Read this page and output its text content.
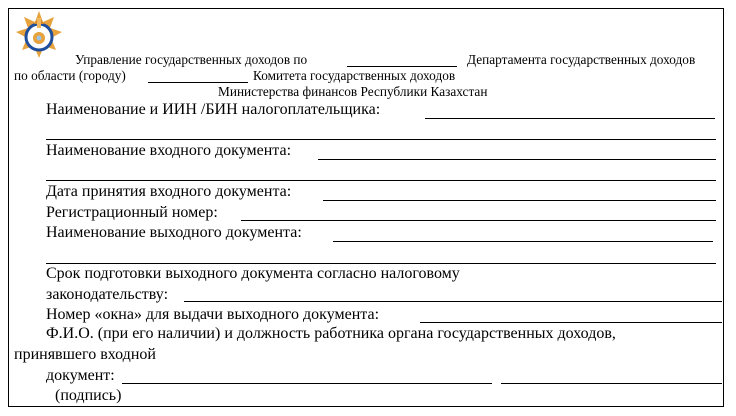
Управление государственных доходов по	Департамента государственных доходов
по области (городу)	Комитета государственных доходов
Министерства финансов Республики Казахстан
Наименование и ИИН /БИН налогоплательщика:
Наименование входного документа:
Дата принятия входного документа:
Регистрационный номер:
Наименование выходного документа:
Срок подготовки выходного документа согласно налоговому
законодательству:
Номер «окна» для выдачи выходного документа:
Ф.И.О. (при его наличии) и должность работника органа государственных доходов,
принявшего входной
документ:
(подпись)
